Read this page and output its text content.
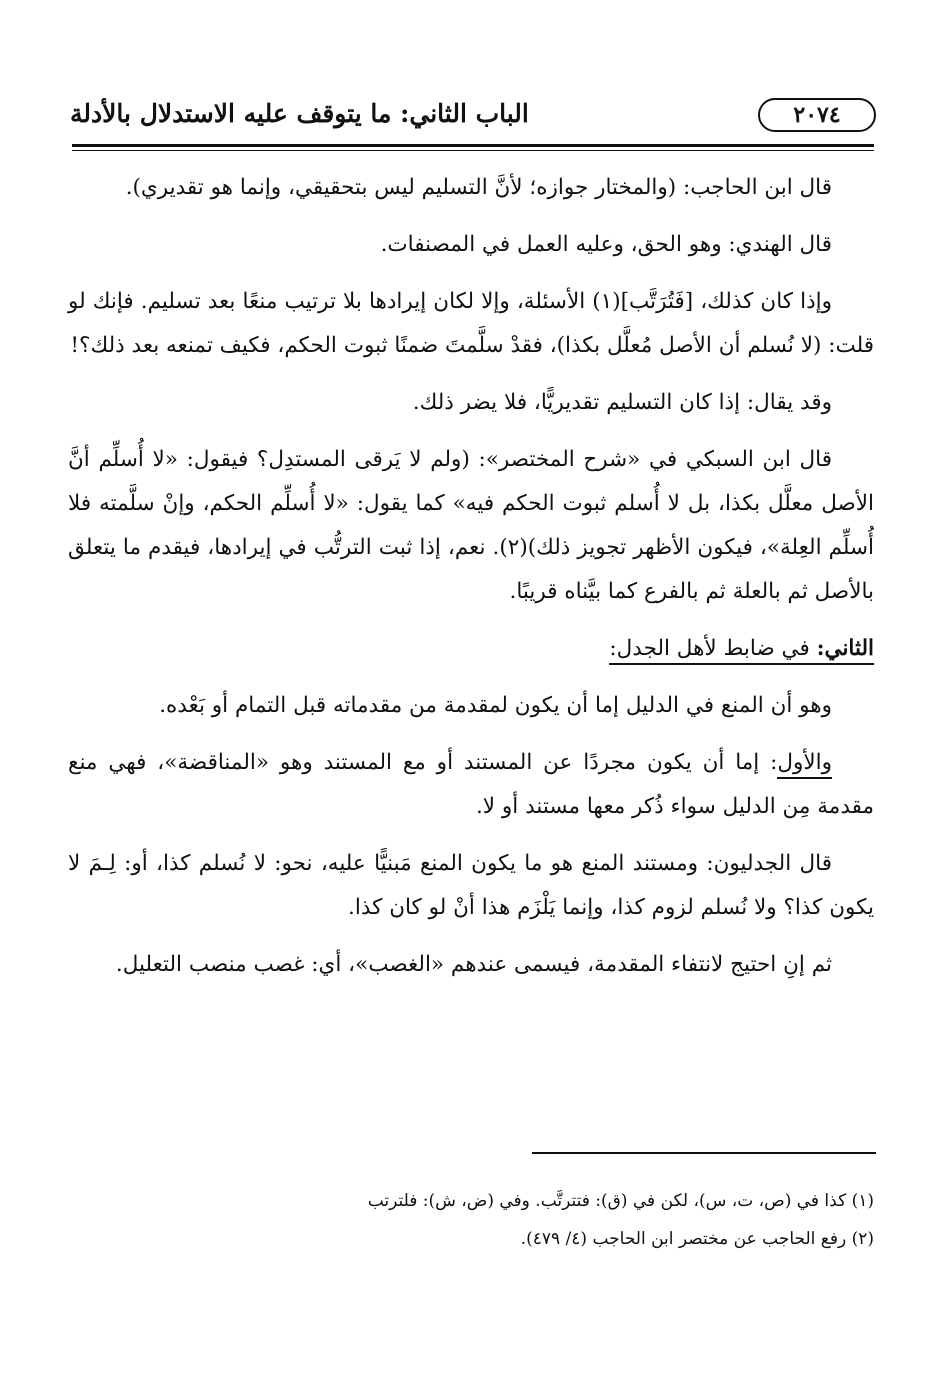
٢٠٧٤
الباب الثاني: ما يتوقف عليه الاستدلال بالأدلة

قال ابن الحاجب: (والمختار جوازه؛ لأنَّ التسليم ليس بتحقيقي، وإنما هو تقديري).

قال الهندي: وهو الحق، وعليه العمل في المصنفات.

وإذا كان كذلك، [فَتُرَتَّب](١) الأسئلة، وإلا لكان إيرادها بلا ترتيب منعًا بعد تسليم. فإنك لو قلت: (لا نُسلم أن الأصل مُعلَّل بكذا)، فقدْ سلَّمتَ ضمنًا ثبوت الحكم، فكيف تمنعه بعد ذلك؟!

وقد يقال: إذا كان التسليم تقديريًّا، فلا يضر ذلك.

قال ابن السبكي في «شرح المختصر»: (ولم لا يَرقى المستدِل؟ فيقول: «لا أُسلِّم أنَّ الأصل معلَّل بكذا، بل لا أُسلم ثبوت الحكم فيه» كما يقول: «لا أُسلِّم الحكم، وإنْ سلَّمته فلا أُسلِّم العِلة»، فيكون الأظهر تجويز ذلك)(٢). نعم، إذا ثبت الترتُّب في إيرادها، فيقدم ما يتعلق بالأصل ثم بالعلة ثم بالفرع كما بيَّناه قريبًا.

الثاني: في ضابط لأهل الجدل:

وهو أن المنع في الدليل إما أن يكون لمقدمة من مقدماته قبل التمام أو بَعْده.

والأول: إما أن يكون مجردًا عن المستند أو مع المستند وهو «المناقضة»، فهي منع مقدمة مِن الدليل سواء ذُكر معها مستند أو لا.

قال الجدليون: ومستند المنع هو ما يكون المنع مَبنيًّا عليه، نحو: لا نُسلم كذا، أو: لِـمَ لا يكون كذا؟ ولا نُسلم لزوم كذا، وإنما يَلْزَم هذا أنْ لو كان كذا.

ثم إنِ احتيج لانتفاء المقدمة، فيسمى عندهم «الغصب»، أي: غصب منصب التعليل.

(١) كذا في (ص، ت، س)، لكن في (ق): فتترتَّب. وفي (ض، ش): فلترتب
(٢) رفع الحاجب عن مختصر ابن الحاجب (٤/ ٤٧٩).
